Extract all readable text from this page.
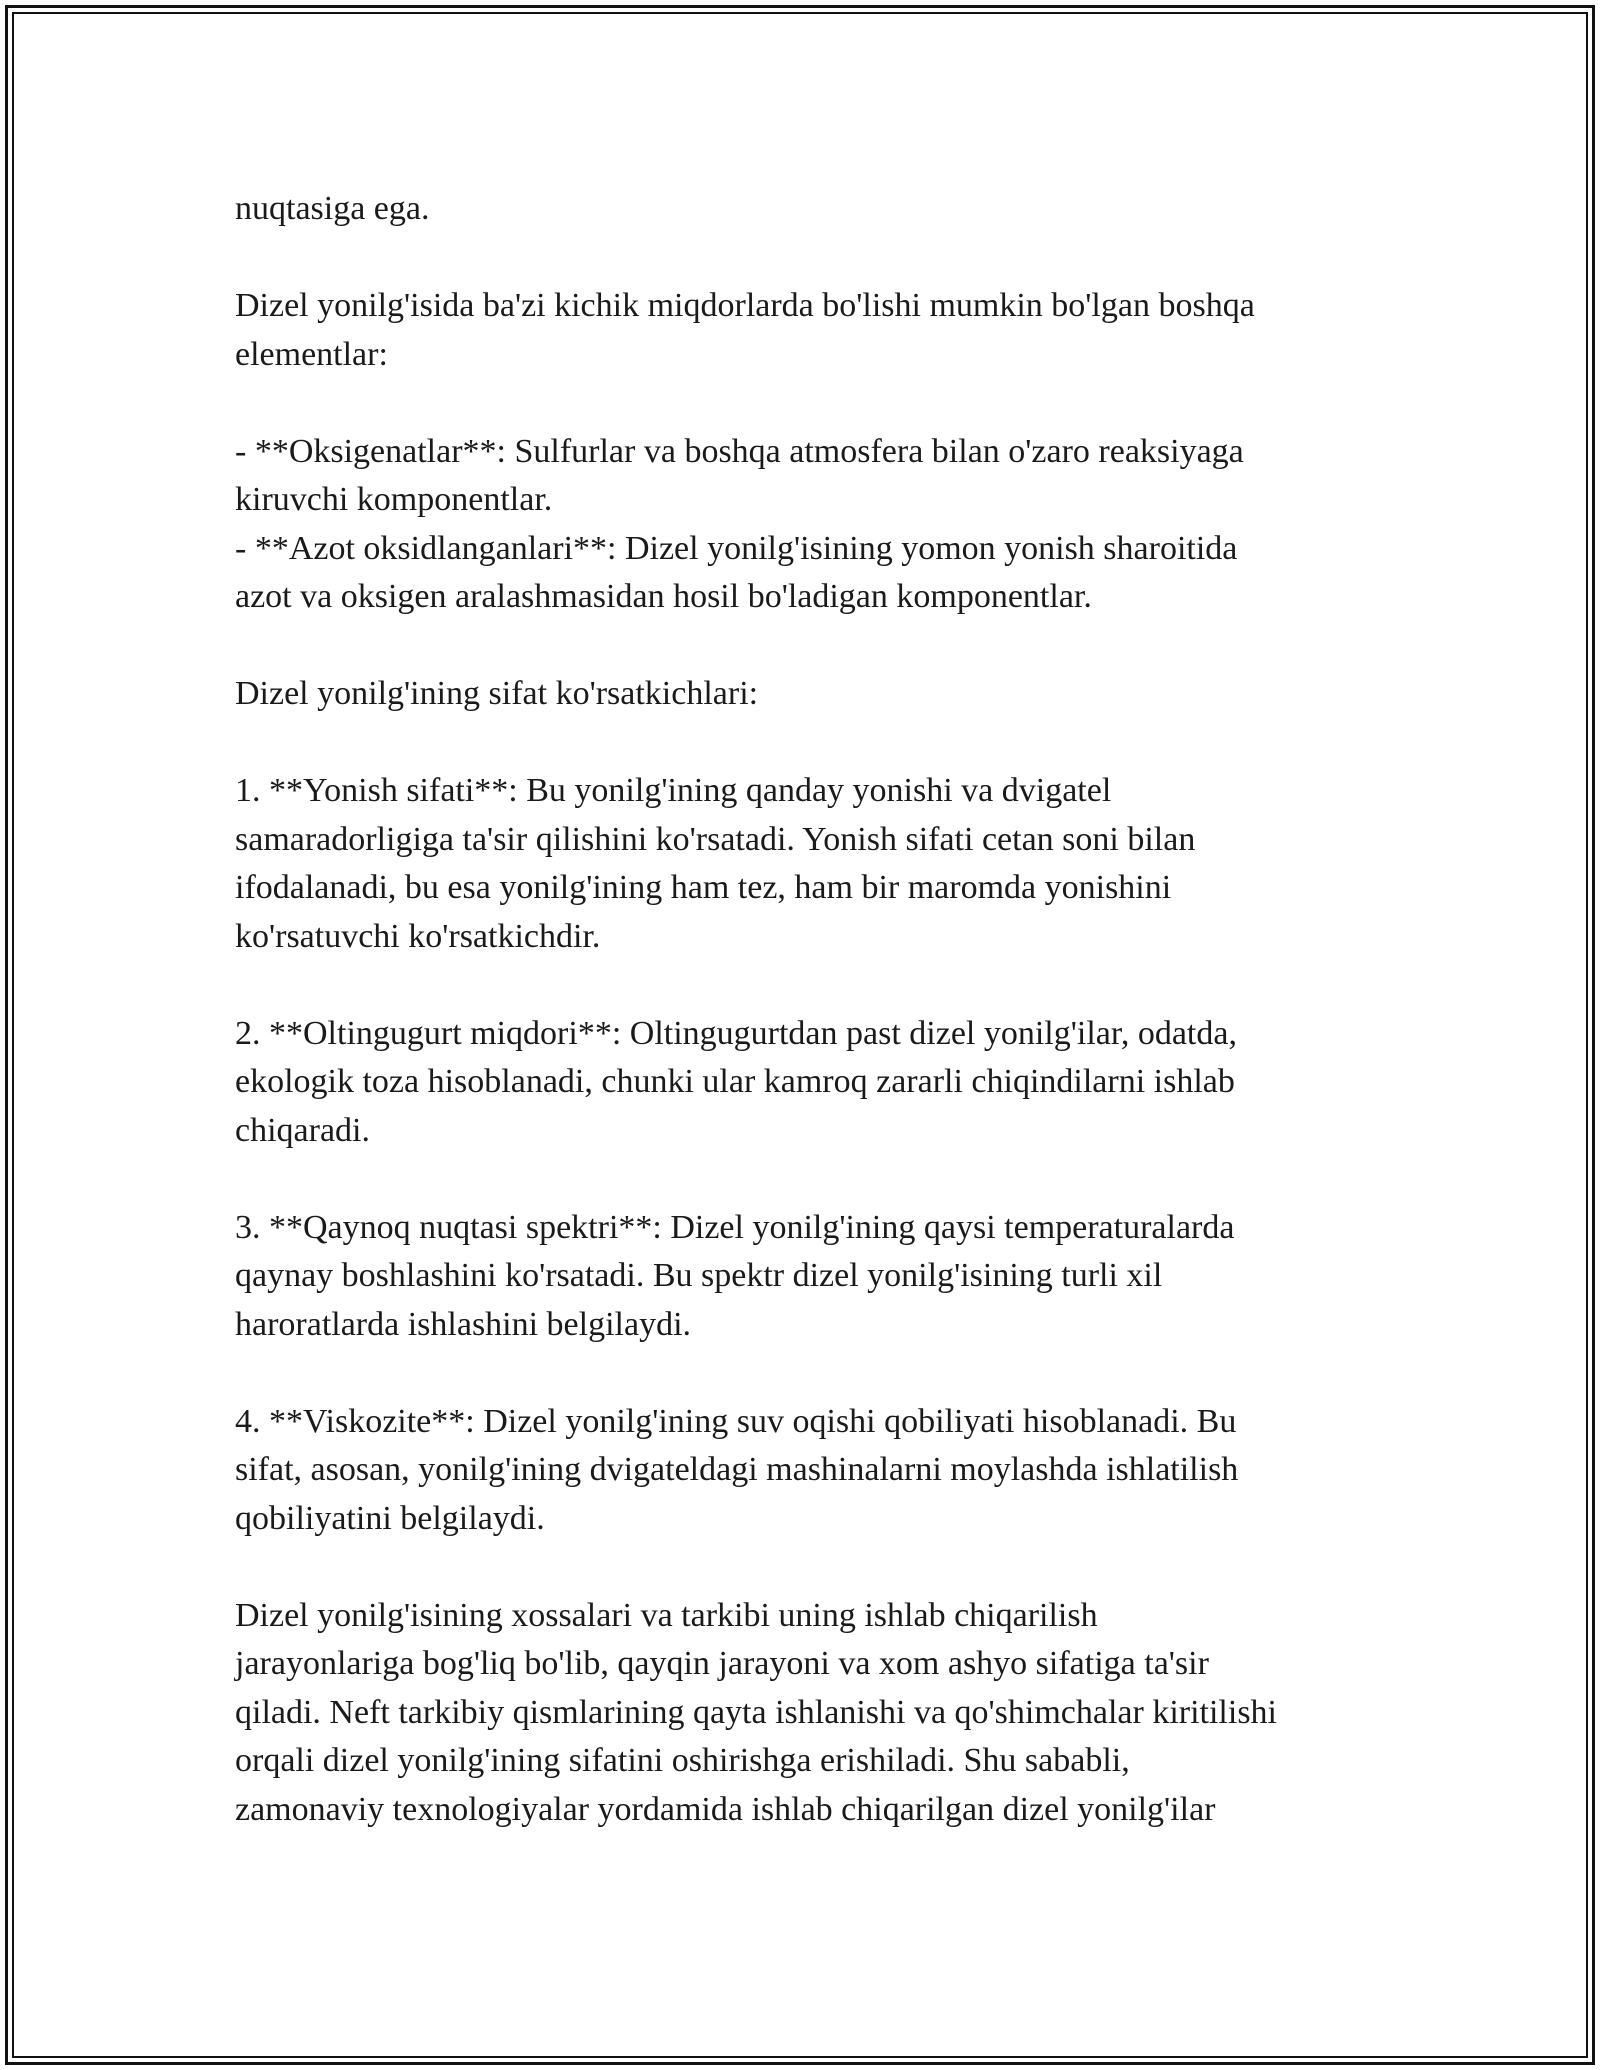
nuqtasiga ega.

Dizel yonilg'isida ba'zi kichik miqdorlarda bo'lishi mumkin bo'lgan boshqa
elementlar:

- **Oksigenatlar**: Sulfurlar va boshqa atmosfera bilan o'zaro reaksiyaga
kiruvchi komponentlar.

- **Azot oksidlanganlari**: Dizel yonilg'isining yomon yonish sharoitida
azot va oksigen aralashmasidan hosil bo'ladigan komponentlar.

Dizel yonilg'ining sifat ko'rsatkichlari:

1. **Yonish sifati**: Bu yonilg'ining qanday yonishi va dvigatel
samaradorligiga ta'sir qilishini ko'rsatadi. Yonish sifati cetan soni bilan
ifodalanadi, bu esa yonilg'ining ham tez, ham bir maromda yonishini
ko'rsatuvchi ko'rsatkichdir.

2. **Oltingugurt miqdori**: Oltingugurtdan past dizel yonilg'ilar, odatda,
ekologik toza hisoblanadi, chunki ular kamroq zararli chiqindilarni ishlab
chiqaradi.

3. **Qaynoq nuqtasi spektri**: Dizel yonilg'ining qaysi temperaturalarda
qaynay boshlashini ko'rsatadi. Bu spektr dizel yonilg'isining turli xil
haroratlarda ishlashini belgilaydi.

4. **Viskozite**: Dizel yonilg'ining suv oqishi qobiliyati hisoblanadi. Bu
sifat, asosan, yonilg'ining dvigateldagi mashinalarni moylashda ishlatilish
qobiliyatini belgilaydi.

Dizel yonilg'isining xossalari va tarkibi uning ishlab chiqarilish
jarayonlariga bog'liq bo'lib, qayqin jarayoni va xom ashyo sifatiga ta'sir
qiladi. Neft tarkibiy qismlarining qayta ishlanishi va qo'shimchalar kiritilishi
orqali dizel yonilg'ining sifatini oshirishga erishiladi. Shu sababli,
zamonaviy texnologiyalar yordamida ishlab chiqarilgan dizel yonilg'ilar
